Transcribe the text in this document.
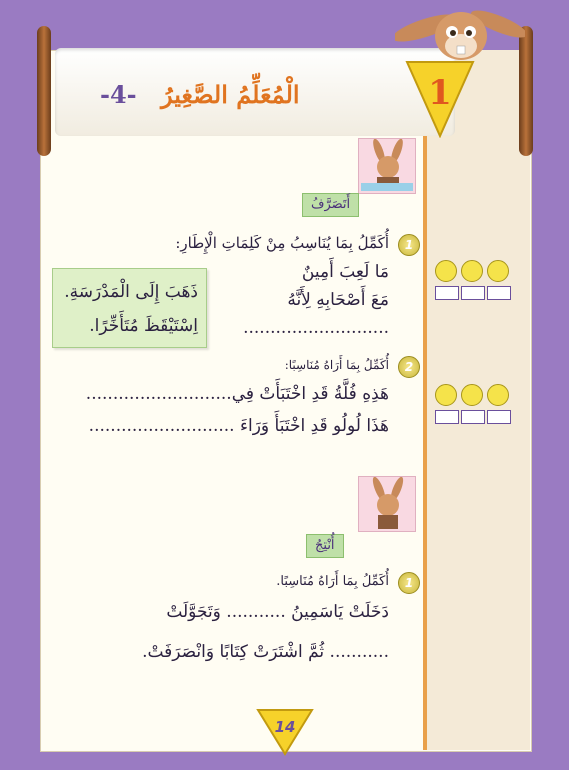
الْمُعَلِّمُ الصَّغِيرُ -4-	1
أَتَصَرَّفُ
1
أُكَمِّلُ بِمَا يُنَاسِبُ مِنْ كَلِمَاتِ الْإِطَارِ:
مَا لَعِبَ أَمِينٌ
مَعَ أَصْحَابِهِ لِأَنَّهُ
...........................
ذَهَبَ إِلَى الْمَدْرَسَةِ.
اِسْتَيْقَظَ مُتَأَخِّرًا.
2
أُكَمِّلُ بِمَا أَرَاهُ مُنَاسِبًا:
هَذِهِ فُلَّةُ قَدِ اخْتَبَأَتْ فِي...........................
هَذَا لُولُو قَدِ اخْتَبَأَ وَرَاءَ ...........................
أُنْتِجُ
1
أُكَمِّلُ بِمَا أَرَاهُ مُنَاسِبًا.
دَخَلَتْ يَاسَمِينُ ........... وَتَجَوَّلَتْ
........... ثُمَّ اشْتَرَتْ كِتَابًا وَانْصَرَفَتْ.
14
